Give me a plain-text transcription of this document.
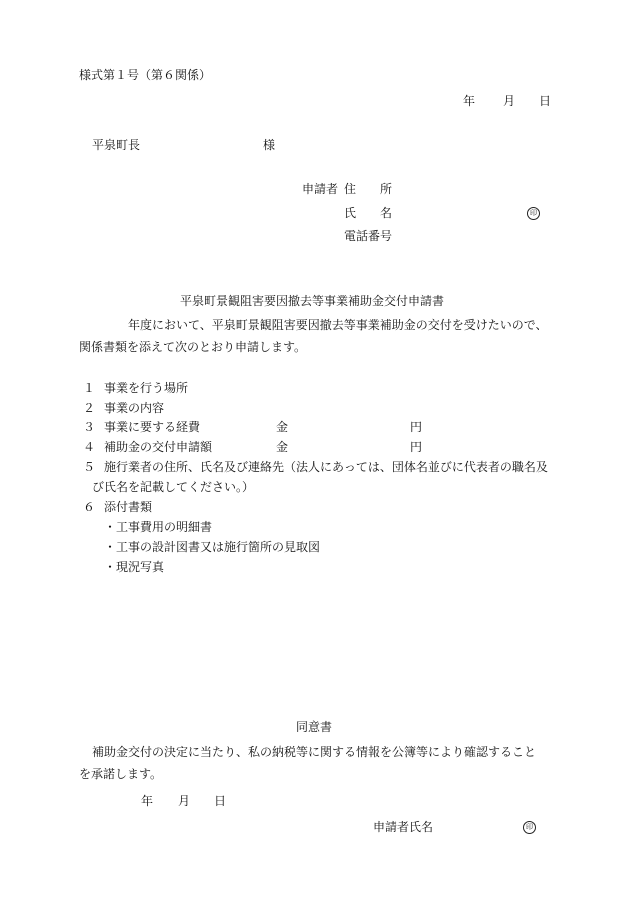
様式第１号（第６関係）
年 月 日
平泉町長	様
申請者 住　　所
氏　　名	印
電話番号
平泉町景観阻害要因撤去等事業補助金交付申請書
年度において、平泉町景観阻害要因撤去等事業補助金の交付を受けたいので、
関係書類を添えて次のとおり申請します。
１ 事業を行う場所
２ 事業の内容
３ 事業に要する経費	金	円
４ 補助金の交付申請額	金	円
５ 施行業者の住所、氏名及び連絡先（法人にあっては、団体名並びに代表者の職名及
び氏名を記載してください。）
６ 添付書類
・工事費用の明細書
・工事の設計図書又は施行箇所の見取図
・現況写真
同意書
補助金交付の決定に当たり、私の納税等に関する情報を公簿等により確認すること
を承諾します。
年 月 日
申請者氏名	印
